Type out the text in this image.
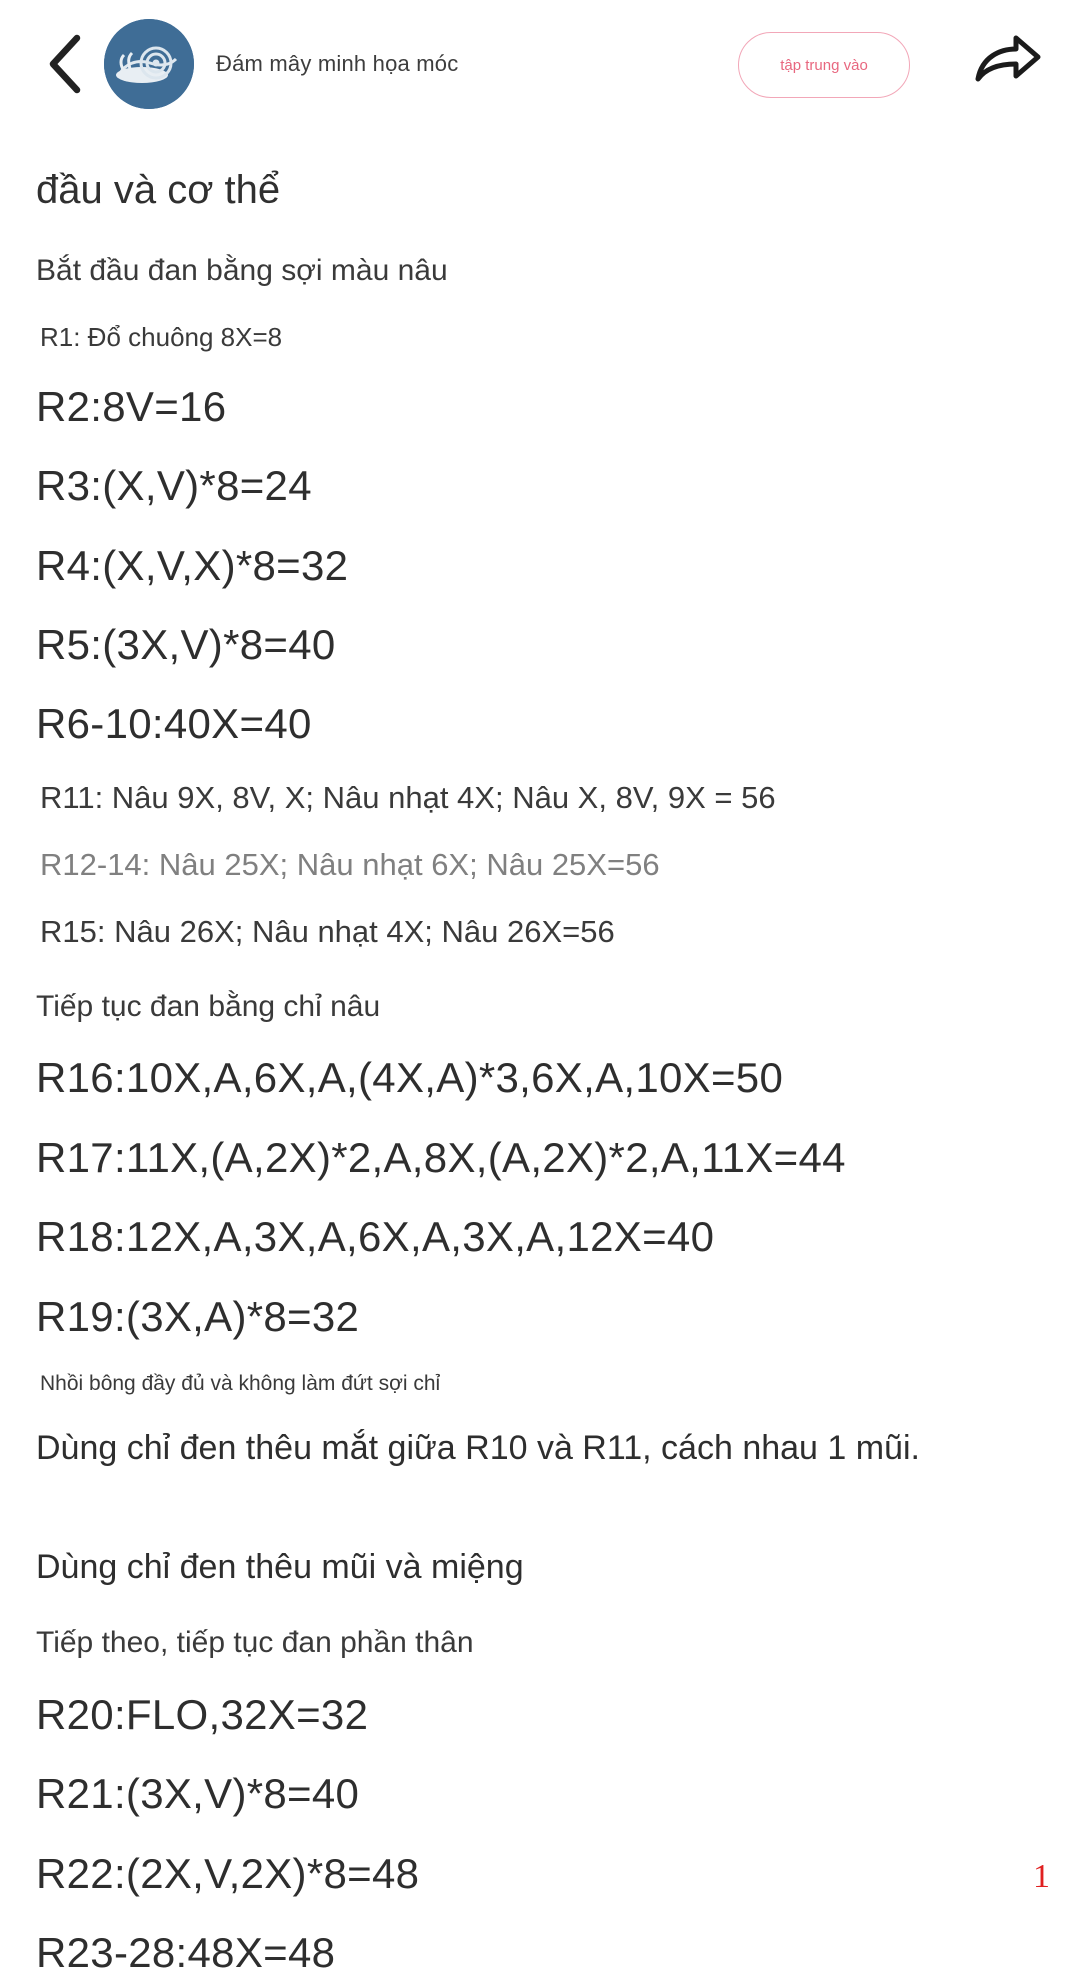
Đám mây minh họa móc	tập trung vào
đầu và cơ thể
Bắt đầu đan bằng sợi màu nâu
R1: Đổ chuông 8X=8
R2:8V=16
R3:(X,V)*8=24
R4:(X,V,X)*8=32
R5:(3X,V)*8=40
R6-10:40X=40
R11: Nâu 9X, 8V, X; Nâu nhạt 4X; Nâu X, 8V, 9X = 56
R12-14: Nâu 25X; Nâu nhạt 6X; Nâu 25X=56
R15: Nâu 26X; Nâu nhạt 4X; Nâu 26X=56
Tiếp tục đan bằng chỉ nâu
R16:10X,A,6X,A,(4X,A)*3,6X,A,10X=50
R17:11X,(A,2X)*2,A,8X,(A,2X)*2,A,11X=44
R18:12X,A,3X,A,6X,A,3X,A,12X=40
R19:(3X,A)*8=32
Nhồi bông đầy đủ và không làm đứt sợi chỉ
Dùng chỉ đen thêu mắt giữa R10 và R11, cách nhau 1 mũi.
Dùng chỉ đen thêu mũi và miệng
Tiếp theo, tiếp tục đan phần thân
R20:FLO,32X=32
R21:(3X,V)*8=40
R22:(2X,V,2X)*8=48
R23-28:48X=48
1
